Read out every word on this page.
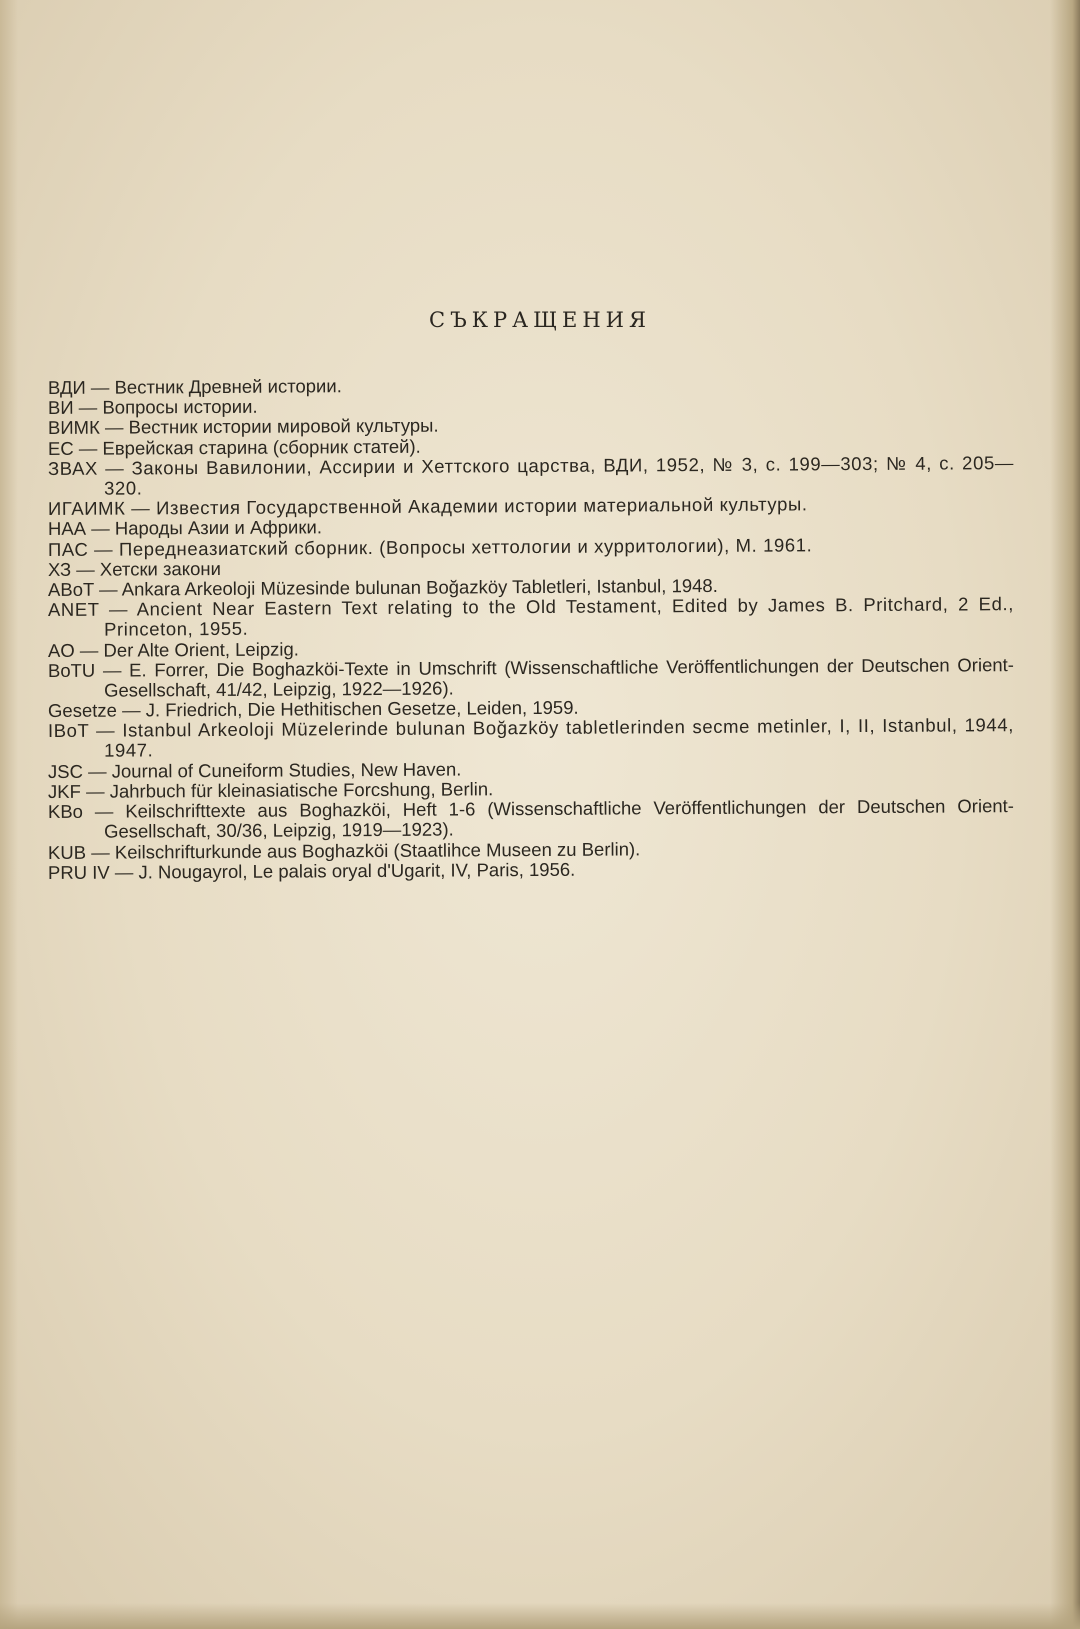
СЪКРАЩЕНИЯ
ВДИ — Вестник Древней истории.
ВИ — Вопросы истории.
ВИМК — Вестник истории мировой культуры.
ЕС — Еврейская старина (сборник статей).
ЗВАХ — Законы Вавилонии, Ассирии и Хеттского царства, ВДИ, 1952, № 3, с. 199—303; № 4, с. 205—320.
ИГАИМК — Известия Государственной Академии истории материальной культуры.
НАА — Народы Азии и Африки.
ПАС — Переднеазиатский сборник. (Вопросы хеттологии и хурритологии), М. 1961.
ХЗ — Хетски закони
ABoT — Ankara Arkeoloji Müzesinde bulunan Boğazköy Tabletleri, Istanbul, 1948.
ANET — Ancient Near Eastern Text relating to the Old Testament, Edited by James B. Pritchard, 2 Ed., Princeton, 1955.
AO — Der Alte Orient, Leipzig.
BoTU — E. Forrer, Die Boghazköi-Texte in Umschrift (Wissenschaftliche Veröffentlichungen der Deutschen Orient-Gesellschaft, 41/42, Leipzig, 1922—1926).
Gesetze — J. Friedrich, Die Hethitischen Gesetze, Leiden, 1959.
IBoT — Istanbul Arkeoloji Müzelerinde bulunan Boğazköy tabletlerinden secme metinler, I, II, Istanbul, 1944, 1947.
JSC — Journal of Cuneiform Studies, New Haven.
JKF — Jahrbuch für kleinasiatische Forcshung, Berlin.
KBo — Keilschrifttexte aus Boghazköi, Heft 1-6 (Wissenschaftliche Veröffentlichungen der Deutschen Orient-Gesellschaft, 30/36, Leipzig, 1919—1923).
KUB — Keilschrifturkunde aus Boghazköi (Staatlihce Museen zu Berlin).
PRU IV — J. Nougayrol, Le palais oryal d'Ugarit, IV, Paris, 1956.
